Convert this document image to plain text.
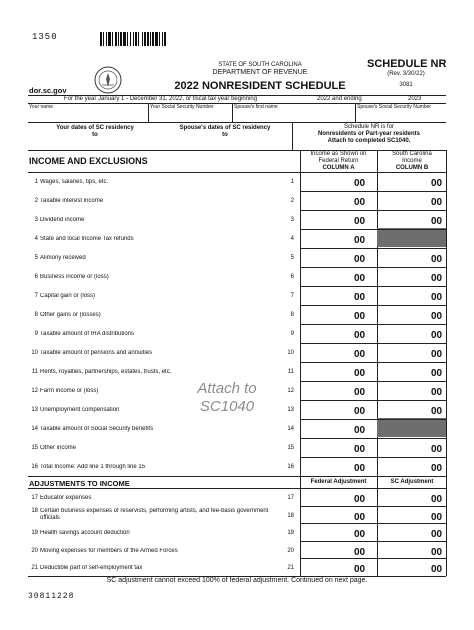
1350
STATE OF SOUTH CAROLINA
DEPARTMENT OF REVENUE
2022 NONRESIDENT SCHEDULE
dor.sc.gov
SCHEDULE NR
(Rev. 3/30/22)
3081
For the year January 1 - December 31, 2022, or fiscal tax year beginning	2022 and ending	2023
Your name	Your Social Security Number	Spouse's first name	Spouse's Social Security Number
Your dates of SC residency
to
Spouse's dates of SC residency
to
Schedule NR is for
Nonresidents or Part-year residents
Attach to completed SC1040.
INCOME AND EXCLUSIONS
Income as Shown on
Federal Return
COLUMN A
South Carolina
Income
COLUMN B
1 Wages, salaries, tips, etc.	1	00	00
2 Taxable interest income	2	00	00
3 Dividend income	3	00	00
4 State and local Income Tax refunds	4	00
5 Alimony received	5	00	00
6 Business income or (loss)	6	00	00
7 Capital gain or (loss)	7	00	00
8 Other gains or (losses)	8	00	00
9 Taxable amount of IRA distributions	9	00	00
10 Taxable amount of pensions and annuities	10	00	00
11 Rents, royalties, partnerships, estates, trusts, etc.	11	00	00
12 Farm income or (loss)	12	00	00
13 Unemployment compensation	13	00	00
14 Taxable amount of Social Security benefits	14	00
15 Other income	15	00	00
16 Total Income: Add line 1 through line 15	16	00	00
Attach to
SC1040
ADJUSTMENTS TO INCOME	Federal Adjustment	SC Adjustment
17 Educator expenses	17	00	00
18 Certain business expenses of reservists, performing artists, and fee-basis government
officials	18	00	00
19 Health savings account deduction	19	00	00
20 Moving expenses for members of the Armed Forces	20	00	00
21 Deductible part of self-employment tax	21	00	00
SC adjustment cannot exceed 100% of federal adjustment. Continued on next page.
30811228
